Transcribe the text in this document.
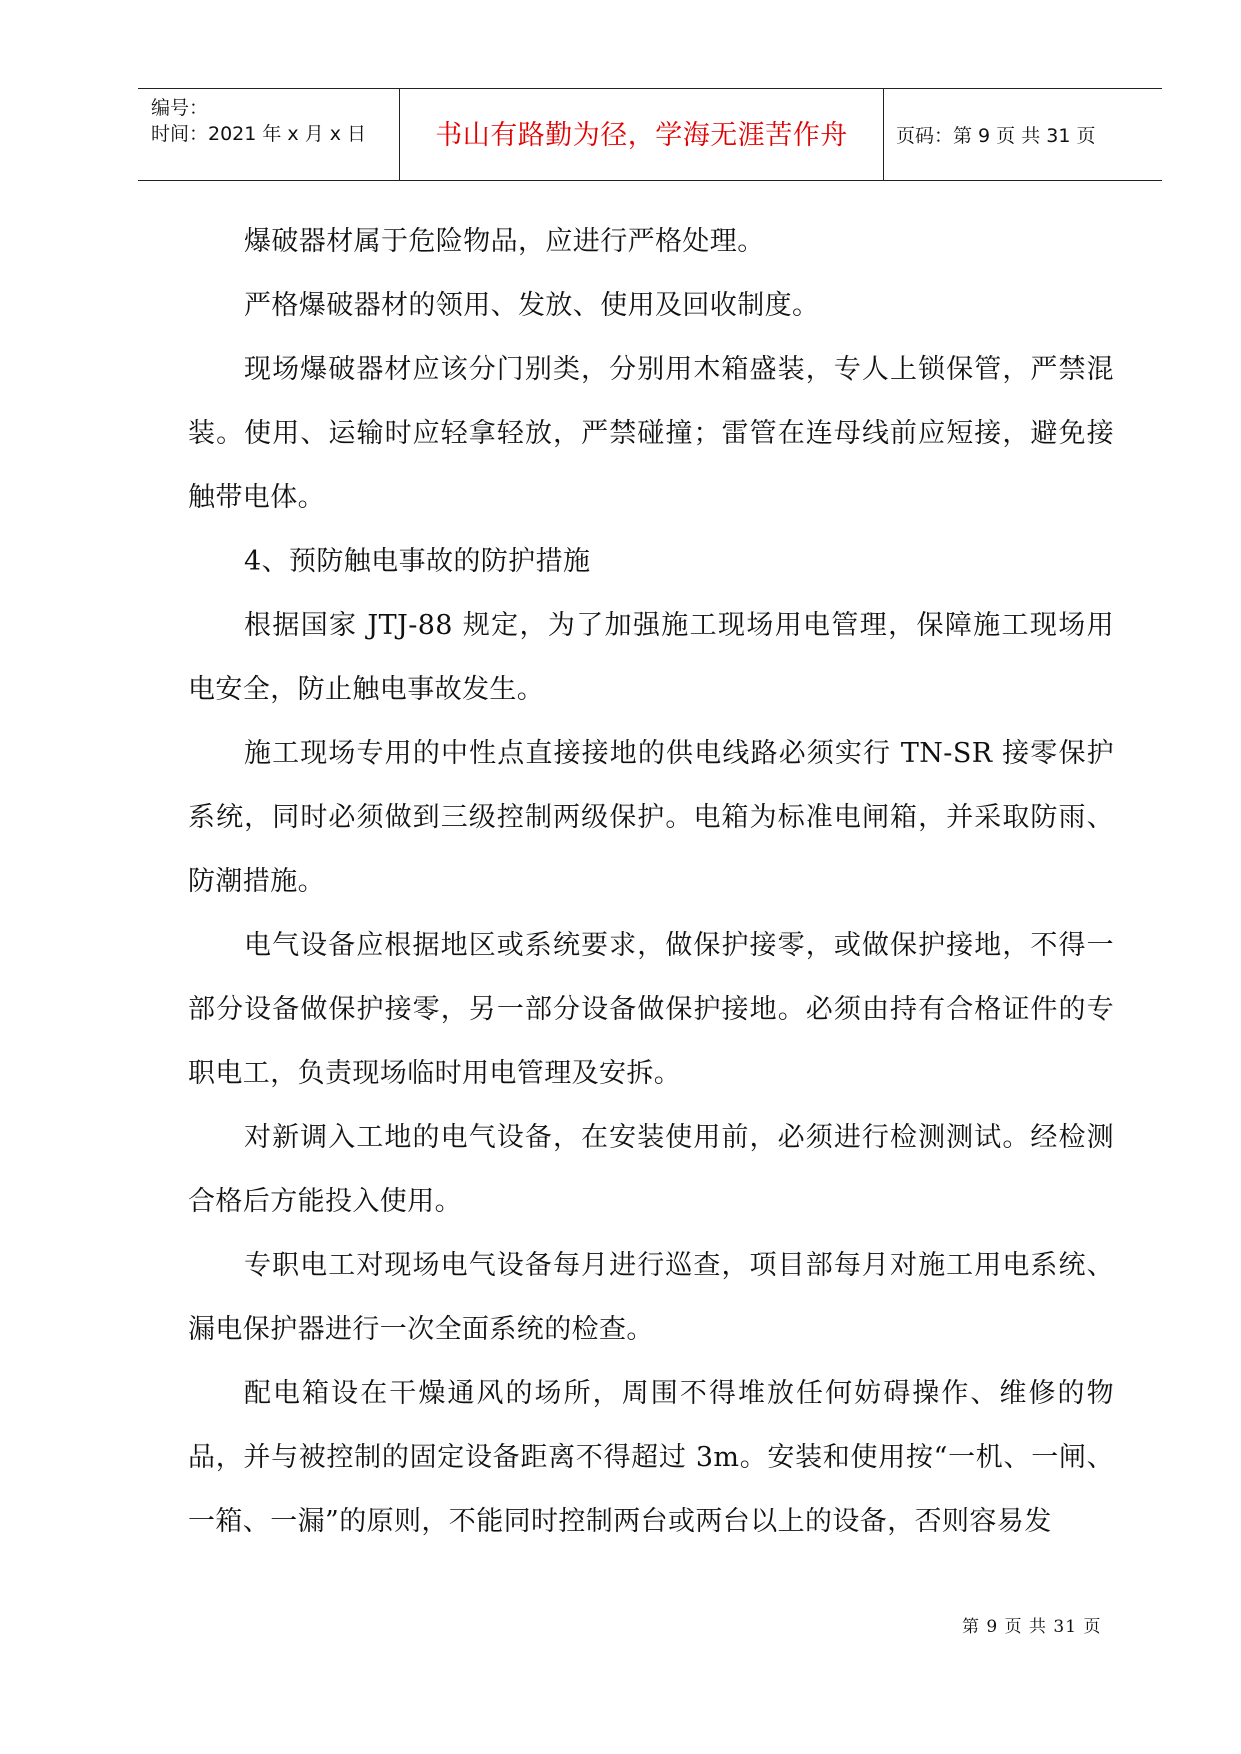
编号：
时间：2021 年 x 月 x 日	书山有路勤为径，学海无涯苦作舟	页码：第 9 页 共 31 页

爆破器材属于危险物品，应进行严格处理。

严格爆破器材的领用、发放、使用及回收制度。

现场爆破器材应该分门别类，分别用木箱盛装，专人上锁保管，严禁混装。使用、运输时应轻拿轻放，严禁碰撞；雷管在连母线前应短接，避免接触带电体。

4、预防触电事故的防护措施

根据国家 JTJ-88 规定，为了加强施工现场用电管理，保障施工现场用电安全，防止触电事故发生。

施工现场专用的中性点直接接地的供电线路必须实行 TN-SR 接零保护系统，同时必须做到三级控制两级保护。电箱为标准电闸箱，并采取防雨、防潮措施。

电气设备应根据地区或系统要求，做保护接零，或做保护接地，不得一部分设备做保护接零，另一部分设备做保护接地。必须由持有合格证件的专职电工，负责现场临时用电管理及安拆。

对新调入工地的电气设备，在安装使用前，必须进行检测测试。经检测合格后方能投入使用。

专职电工对现场电气设备每月进行巡查，项目部每月对施工用电系统、漏电保护器进行一次全面系统的检查。

配电箱设在干燥通风的场所，周围不得堆放任何妨碍操作、维修的物品，并与被控制的固定设备距离不得超过 3m。安装和使用按“一机、一闸、一箱、一漏”的原则，不能同时控制两台或两台以上的设备，否则容易发

第 9 页 共 31 页
